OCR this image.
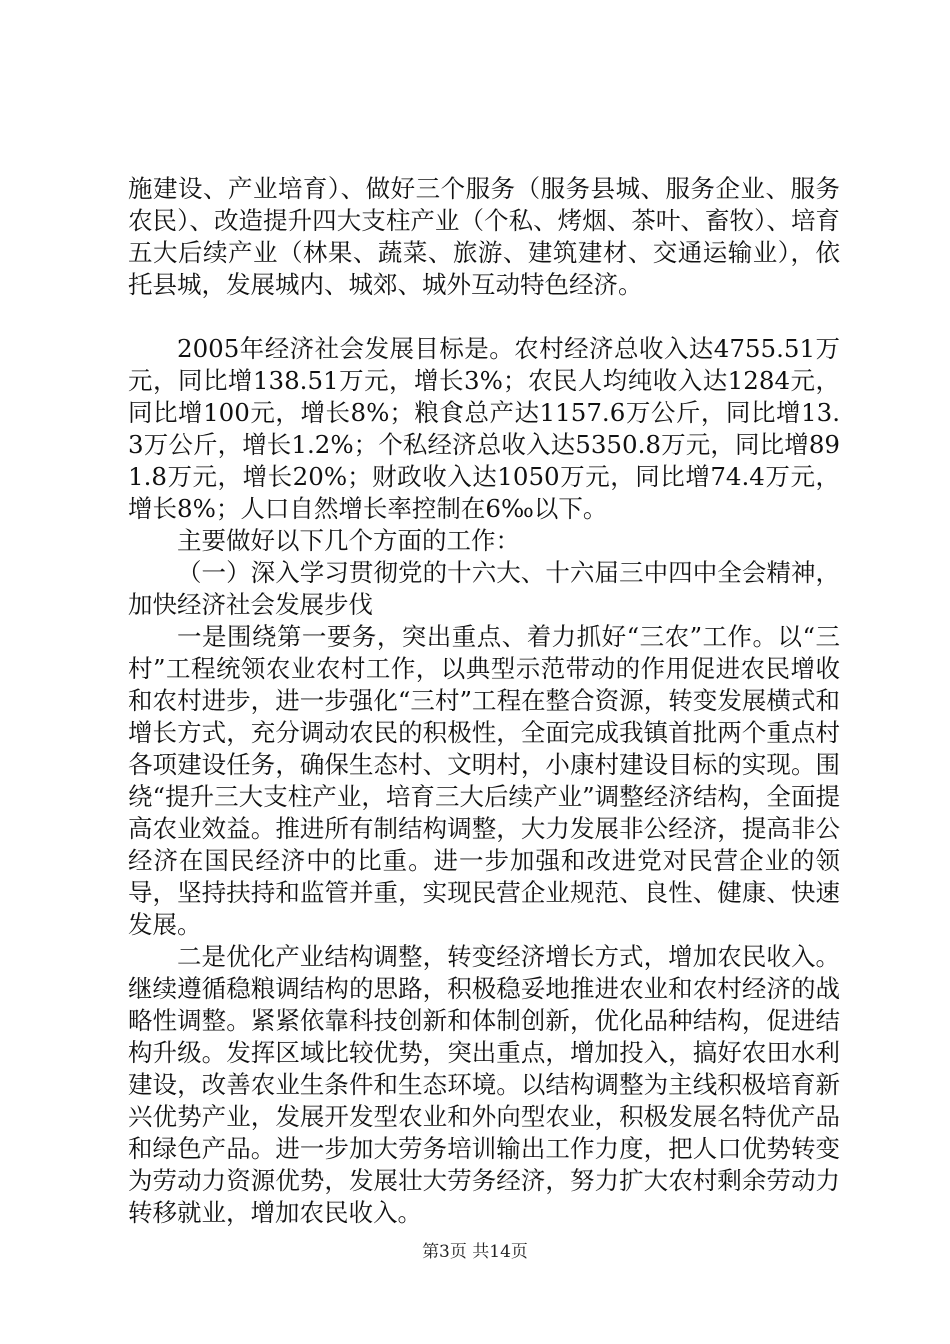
施建设、产业培育）、做好三个服务（服务县城、服务企业、服务农民）、改造提升四大支柱产业（个私、烤烟、茶叶、畜牧）、培育五大后续产业（林果、蔬菜、旅游、建筑建材、交通运输业），依托县城，发展城内、城郊、城外互动特色经济。

2005年经济社会发展目标是。农村经济总收入达4755.51万元，同比增138.51万元，增长3%；农民人均纯收入达1284元，同比增100元，增长8%；粮食总产达1157.6万公斤，同比增13.3万公斤，增长1.2%；个私经济总收入达5350.8万元，同比增891.8万元，增长20%；财政收入达1050万元，同比增74.4万元，增长8%；人口自然增长率控制在6‰以下。

主要做好以下几个方面的工作：

（一）深入学习贯彻党的十六大、十六届三中四中全会精神，加快经济社会发展步伐

一是围绕第一要务，突出重点、着力抓好“三农”工作。以“三村”工程统领农业农村工作，以典型示范带动的作用促进农民增收和农村进步，进一步强化“三村”工程在整合资源，转变发展横式和增长方式，充分调动农民的积极性，全面完成我镇首批两个重点村各项建设任务，确保生态村、文明村，小康村建设目标的实现。围绕“提升三大支柱产业，培育三大后续产业”调整经济结构，全面提高农业效益。推进所有制结构调整，大力发展非公经济，提高非公经济在国民经济中的比重。进一步加强和改进党对民营企业的领导，坚持扶持和监管并重，实现民营企业规范、良性、健康、快速发展。

二是优化产业结构调整，转变经济增长方式，增加农民收入。继续遵循稳粮调结构的思路，积极稳妥地推进农业和农村经济的战略性调整。紧紧依靠科技创新和体制创新，优化品种结构，促进结构升级。发挥区域比较优势，突出重点，增加投入，搞好农田水利建设，改善农业生条件和生态环境。以结构调整为主线积极培育新兴优势产业，发展开发型农业和外向型农业，积极发展名特优产品和绿色产品。进一步加大劳务培训输出工作力度，把人口优势转变为劳动力资源优势，发展壮大劳务经济，努力扩大农村剩余劳动力转移就业，增加农民收入。

第3页 共14页
